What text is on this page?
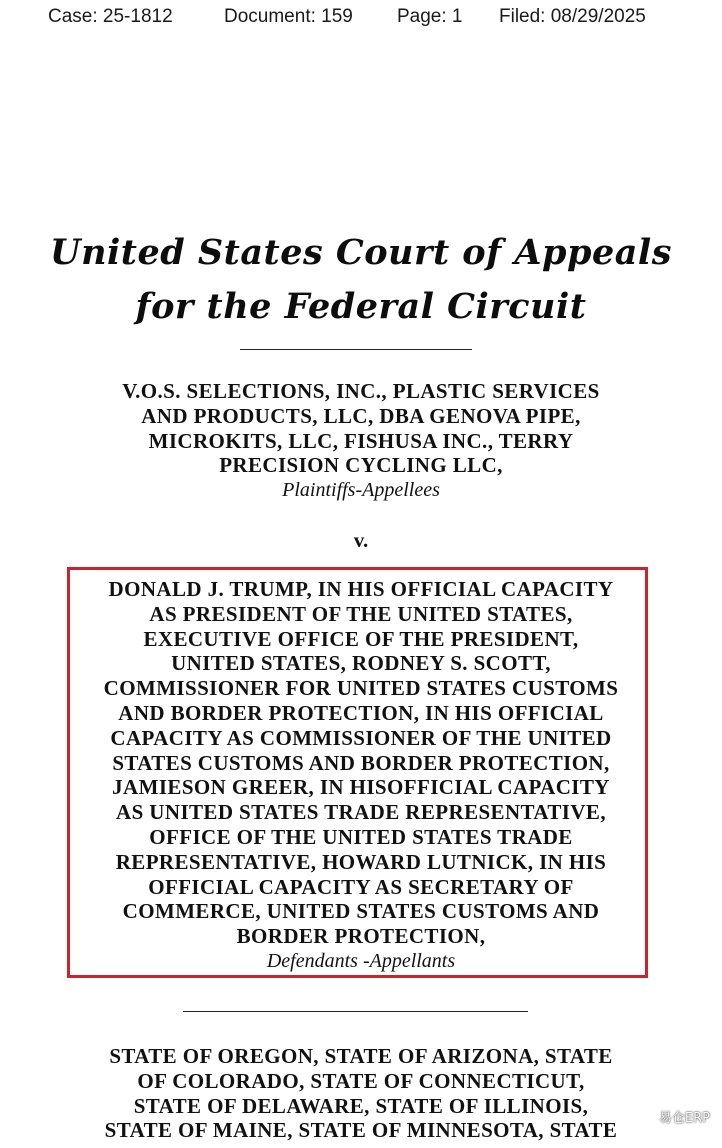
Case: 25-1812	Document: 159 Page: 1 Filed: 08/29/2025
United States Court of Appeals
for the Federal Circuit
V.O.S. SELECTIONS, INC., PLASTIC SERVICES
AND PRODUCTS, LLC, DBA GENOVA PIPE,
MICROKITS, LLC, FISHUSA INC., TERRY
PRECISION CYCLING LLC,
Plaintiffs-Appellees
v.
DONALD J. TRUMP, IN HIS OFFICIAL CAPACITY
AS PRESIDENT OF THE UNITED STATES,
EXECUTIVE OFFICE OF THE PRESIDENT,
UNITED STATES, RODNEY S. SCOTT,
COMMISSIONER FOR UNITED STATES CUSTOMS
AND BORDER PROTECTION, IN HIS OFFICIAL
CAPACITY AS COMMISSIONER OF THE UNITED
STATES CUSTOMS AND BORDER PROTECTION,
JAMIESON GREER, IN HISOFFICIAL CAPACITY
AS UNITED STATES TRADE REPRESENTATIVE,
OFFICE OF THE UNITED STATES TRADE
REPRESENTATIVE, HOWARD LUTNICK, IN HIS
OFFICIAL CAPACITY AS SECRETARY OF
COMMERCE, UNITED STATES CUSTOMS AND
BORDER PROTECTION,
Defendants -Appellants
STATE OF OREGON, STATE OF ARIZONA, STATE
OF COLORADO, STATE OF CONNECTICUT,
STATE OF DELAWARE, STATE OF ILLINOIS,
STATE OF MAINE, STATE OF MINNESOTA, STATE	易仓ERP
